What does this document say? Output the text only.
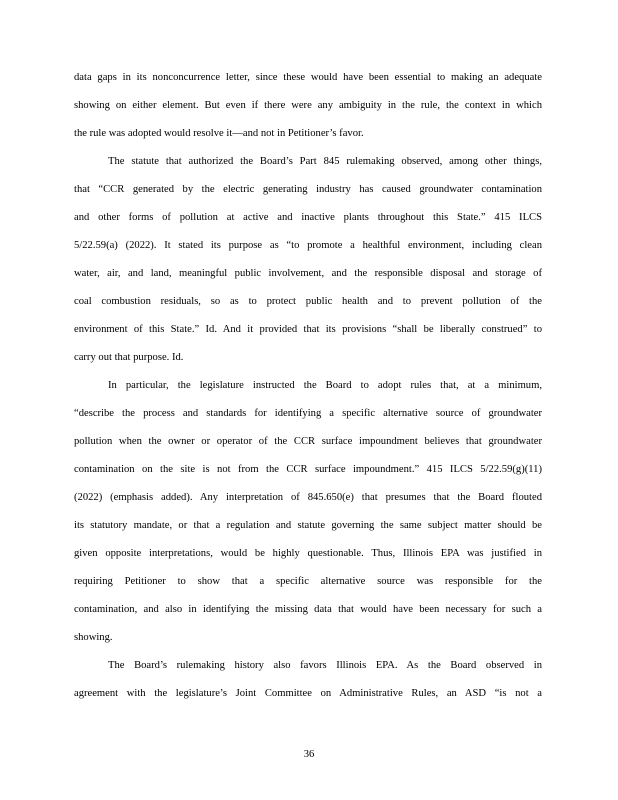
data gaps in its nonconcurrence letter, since these would have been essential to making an adequate
showing on either element. But even if there were any ambiguity in the rule, the context in which
the rule was adopted would resolve it—and not in Petitioner’s favor.
The statute that authorized the Board’s Part 845 rulemaking observed, among other things,
that “CCR generated by the electric generating industry has caused groundwater contamination
and other forms of pollution at active and inactive plants throughout this State.” 415 ILCS
5/22.59(a) (2022). It stated its purpose as “to promote a healthful environment, including clean
water, air, and land, meaningful public involvement, and the responsible disposal and storage of
coal combustion residuals, so as to protect public health and to prevent pollution of the
environment of this State.” Id. And it provided that its provisions “shall be liberally construed” to
carry out that purpose. Id.
In particular, the legislature instructed the Board to adopt rules that, at a minimum,
“describe the process and standards for identifying a specific alternative source of groundwater
pollution when the owner or operator of the CCR surface impoundment believes that groundwater
contamination on the site is not from the CCR surface impoundment.” 415 ILCS 5/22.59(g)(11)
(2022) (emphasis added). Any interpretation of 845.650(e) that presumes that the Board flouted
its statutory mandate, or that a regulation and statute governing the same subject matter should be
given opposite interpretations, would be highly questionable. Thus, Illinois EPA was justified in
requiring Petitioner to show that a specific alternative source was responsible for the
contamination, and also in identifying the missing data that would have been necessary for such a
showing.
The Board’s rulemaking history also favors Illinois EPA. As the Board observed in
agreement with the legislature’s Joint Committee on Administrative Rules, an ASD “is not a
36
